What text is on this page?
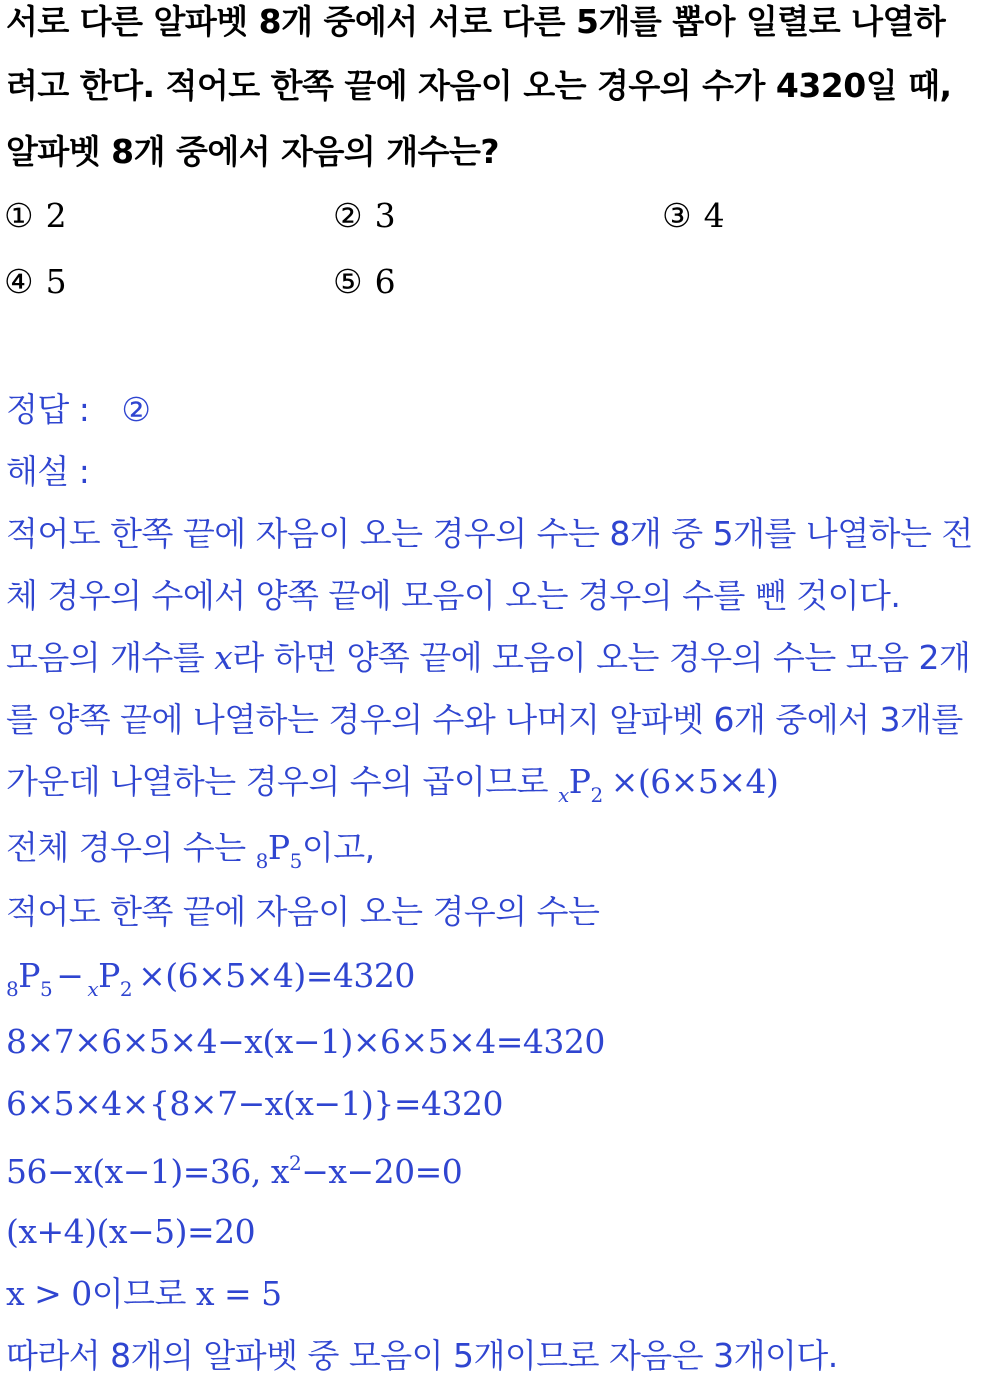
서로 다른 알파벳 8개 중에서 서로 다른 5개를 뽑아 일렬로 나열하
려고 한다. 적어도 한쪽 끝에 자음이 오는 경우의 수가 4320일 때,
알파벳 8개 중에서 자음의 개수는?
① 2	② 3	③ 4
④ 5	⑤ 6
정답 : ②
해설 :
적어도 한쪽 끝에 자음이 오는 경우의 수는 8개 중 5개를 나열하는 전
체 경우의 수에서 양쪽 끝에 모음이 오는 경우의 수를 뺀 것이다.
모음의 개수를 x라 하면 양쪽 끝에 모음이 오는 경우의 수는 모음 2개
를 양쪽 끝에 나열하는 경우의 수와 나머지 알파벳 6개 중에서 3개를
가운데 나열하는 경우의 수의 곱이므로 $_xP_2 \times(6\times 5\times 4)$
전체 경우의 수는 $_8P_5$이고,
적어도 한쪽 끝에 자음이 오는 경우의 수는
$_8P_5 - _xP_2 \times(6\times 5\times 4)=4320$
8×7×6×5×4−x(x−1)×6×5×4=4320
6×5×4×{8×7−x(x−1)}=4320
56−x(x−1)=36, $x^2-x-20=0$
(x+4)(x−5)=20
x > 0이므로 x = 5
따라서 8개의 알파벳 중 모음이 5개이므로 자음은 3개이다.
